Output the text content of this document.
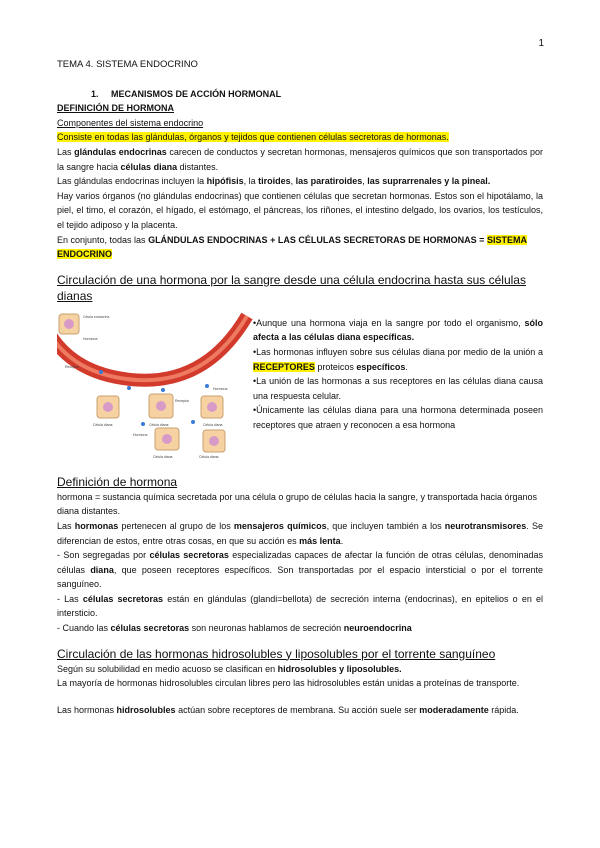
1

TEMA 4. SISTEMA ENDOCRINO

1.     MECANISMOS DE ACCIÓN HORMONAL

DEFINICIÓN DE HORMONA

Componentes del sistema endocrino

Consiste en todas las glándulas, órganos y tejidos que contienen células secretoras de hormonas.

Las glándulas endocrinas carecen de conductos y secretan hormonas, mensajeros químicos que son transportados por la sangre hacia células diana distantes.

Las glándulas endocrinas incluyen la hipófisis, la tiroides, las paratiroides, las suprarrenales y la pineal.

Hay varios órganos (no glándulas endocrinas) que contienen células que secretan hormonas. Estos son el hipotálamo, la piel, el timo, el corazón, el hígado, el estómago, el páncreas, los riñones, el intestino delgado, los ovarios, los testículos, el tejido adiposo y la placenta.

En conjunto, todas las GLÁNDULAS ENDOCRINAS + LAS CÉLULAS SECRETORAS DE HORMONAS = SISTEMA ENDOCRINO

Circulación de una hormona por la sangre desde una célula endocrina hasta sus células dianas

Célula endocrina
Hormona
Receptor
Célula diana
Receptor
Célula diana
Hormona
Célula diana
Célula diana
Hormona
Célula diana

•Aunque una hormona viaja en la sangre por todo el organismo, sólo afecta a las células diana específicas.

•Las hormonas influyen sobre sus células diana por medio de la unión a RECEPTORES proteicos específicos.

•La unión de las hormonas a sus receptores en las células diana causa una respuesta celular.

•Únicamente las células diana para una hormona determinada poseen receptores que atraen y reconocen a esa hormona

Definición de hormona

hormona = sustancia química secretada por una célula o grupo de células hacia la sangre, y transportada hacia órganos diana distantes.

Las hormonas pertenecen al grupo de los mensajeros químicos, que incluyen también a los neurotransmisores. Se diferencian de estos, entre otras cosas, en que su acción es más lenta.

- Son segregadas por células secretoras especializadas capaces de afectar la función de otras células, denominadas células diana, que poseen receptores específicos. Son transportadas por el espacio intersticial o por el torrente sanguíneo.

- Las células secretoras están en glándulas (glandi=bellota) de secreción interna (endocrinas), en epitelios o en el intersticio.

- Cuando las células secretoras son neuronas hablamos de secreción neuroendocrina

Circulación de las hormonas hidrosolubles y liposolubles por el torrente sanguíneo

Según su solubilidad en medio acuoso se clasifican en hidrosolubles y liposolubles.

La mayoría de hormonas hidrosolubles circulan libres pero las hidrosolubles están unidas a proteínas de transporte.

Las hormonas hidrosolubles actúan sobre receptores de membrana. Su acción suele ser moderadamente rápida.
